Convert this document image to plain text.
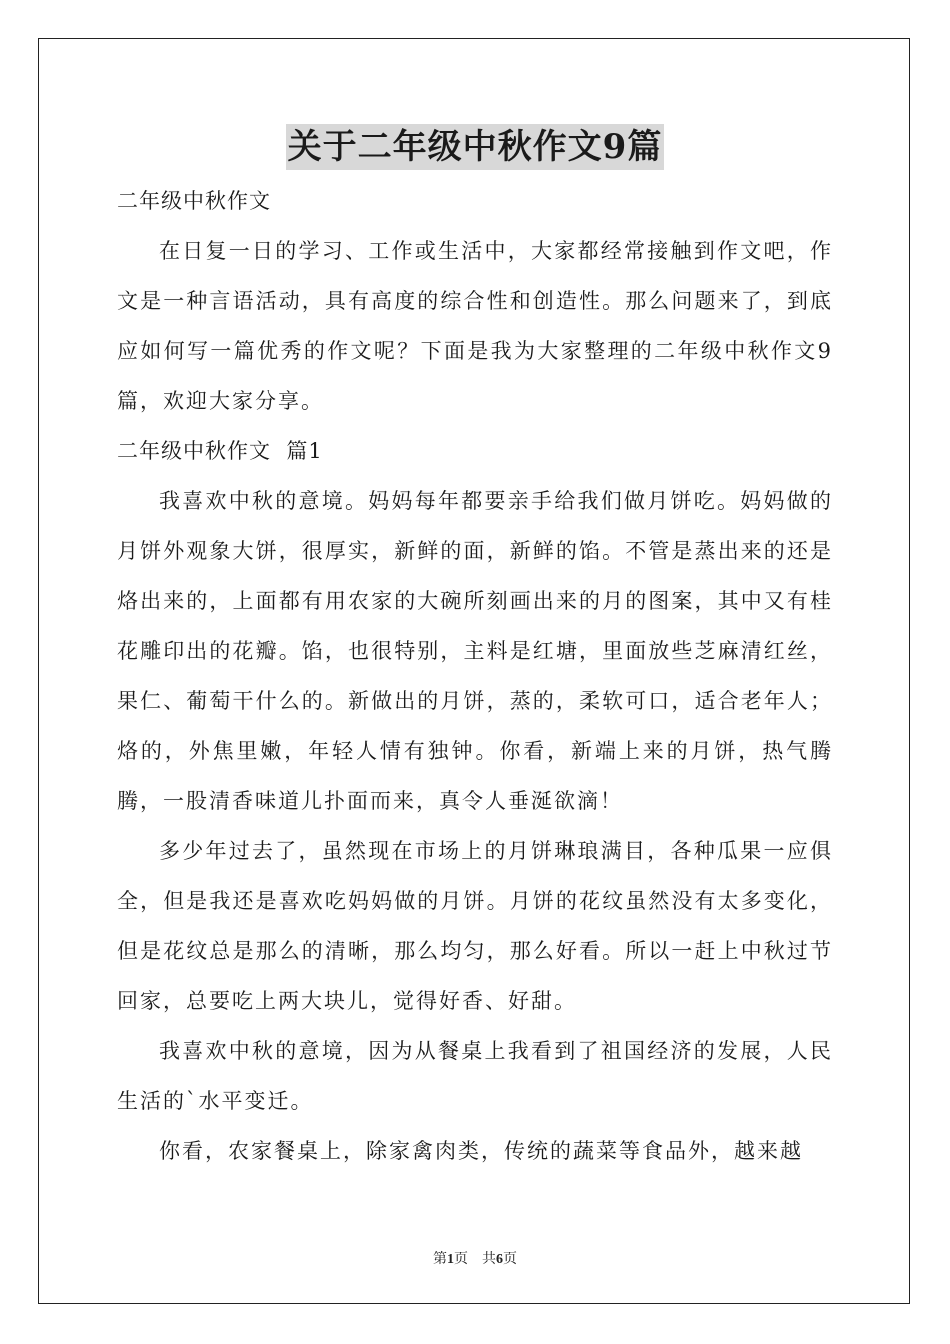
关于二年级中秋作文9篇
二年级中秋作文
在日复一日的学习、工作或生活中，大家都经常接触到作文吧，作文是一种言语活动，具有高度的综合性和创造性。那么问题来了，到底应如何写一篇优秀的作文呢？下面是我为大家整理的二年级中秋作文9篇，欢迎大家分享。
二年级中秋作文  篇1
我喜欢中秋的意境。妈妈每年都要亲手给我们做月饼吃。妈妈做的月饼外观象大饼，很厚实，新鲜的面，新鲜的馅。不管是蒸出来的还是烙出来的，上面都有用农家的大碗所刻画出来的月的图案，其中又有桂花雕印出的花瓣。馅，也很特别，主料是红塘，里面放些芝麻清红丝，果仁、葡萄干什么的。新做出的月饼，蒸的，柔软可口，适合老年人；烙的，外焦里嫩，年轻人情有独钟。你看，新端上来的月饼，热气腾腾，一股清香味道儿扑面而来，真令人垂涎欲滴！
多少年过去了，虽然现在市场上的月饼琳琅满目，各种瓜果一应俱全，但是我还是喜欢吃妈妈做的月饼。月饼的花纹虽然没有太多变化，但是花纹总是那么的清晰，那么均匀，那么好看。所以一赶上中秋过节回家，总要吃上两大块儿，觉得好香、好甜。
我喜欢中秋的意境，因为从餐桌上我看到了祖国经济的发展，人民生活的`水平变迁。
你看，农家餐桌上，除家禽肉类，传统的蔬菜等食品外，越来越
第1页 共6页
